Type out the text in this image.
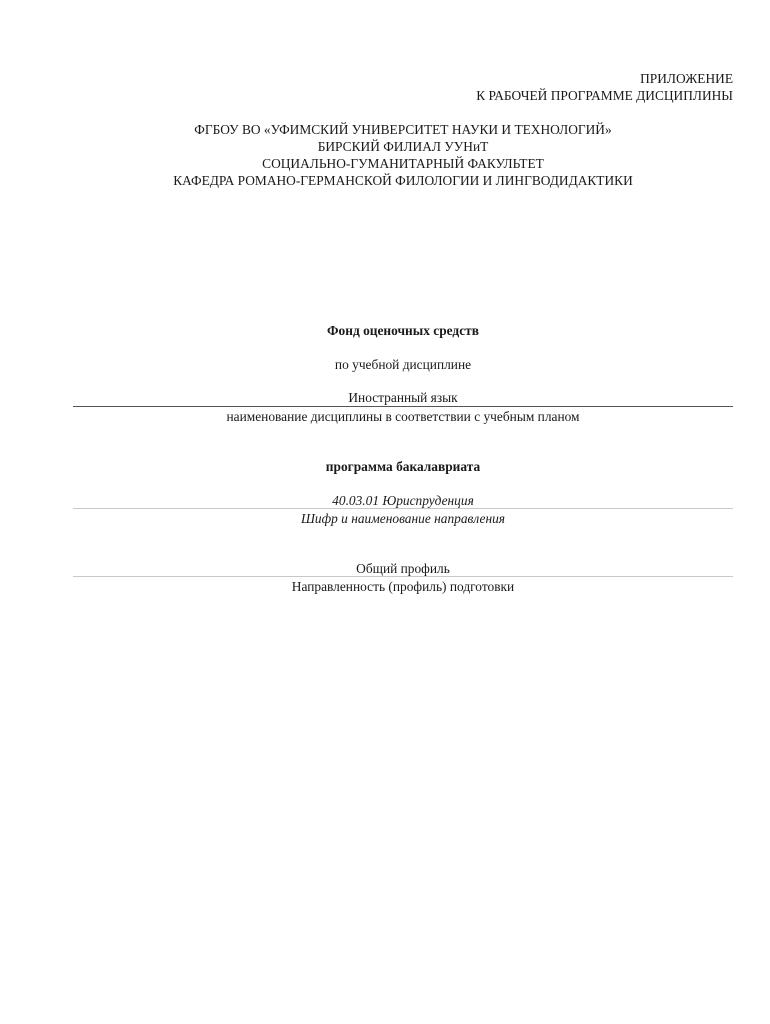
ПРИЛОЖЕНИЕ
К РАБОЧЕЙ ПРОГРАММЕ ДИСЦИПЛИНЫ
ФГБОУ ВО «УФИМСКИЙ УНИВЕРСИТЕТ НАУКИ И ТЕХНОЛОГИЙ»
БИРСКИЙ ФИЛИАЛ УУНиТ
СОЦИАЛЬНО-ГУМАНИТАРНЫЙ ФАКУЛЬТЕТ
КАФЕДРА РОМАНО-ГЕРМАНСКОЙ ФИЛОЛОГИИ И ЛИНГВОДИДАКТИКИ
Фонд оценочных средств
по учебной дисциплине
Иностранный язык
наименование дисциплины в соответствии с учебным планом
программа бакалавриата
40.03.01 Юриспруденция
Шифр и наименование направления
Общий профиль
Направленность (профиль) подготовки
